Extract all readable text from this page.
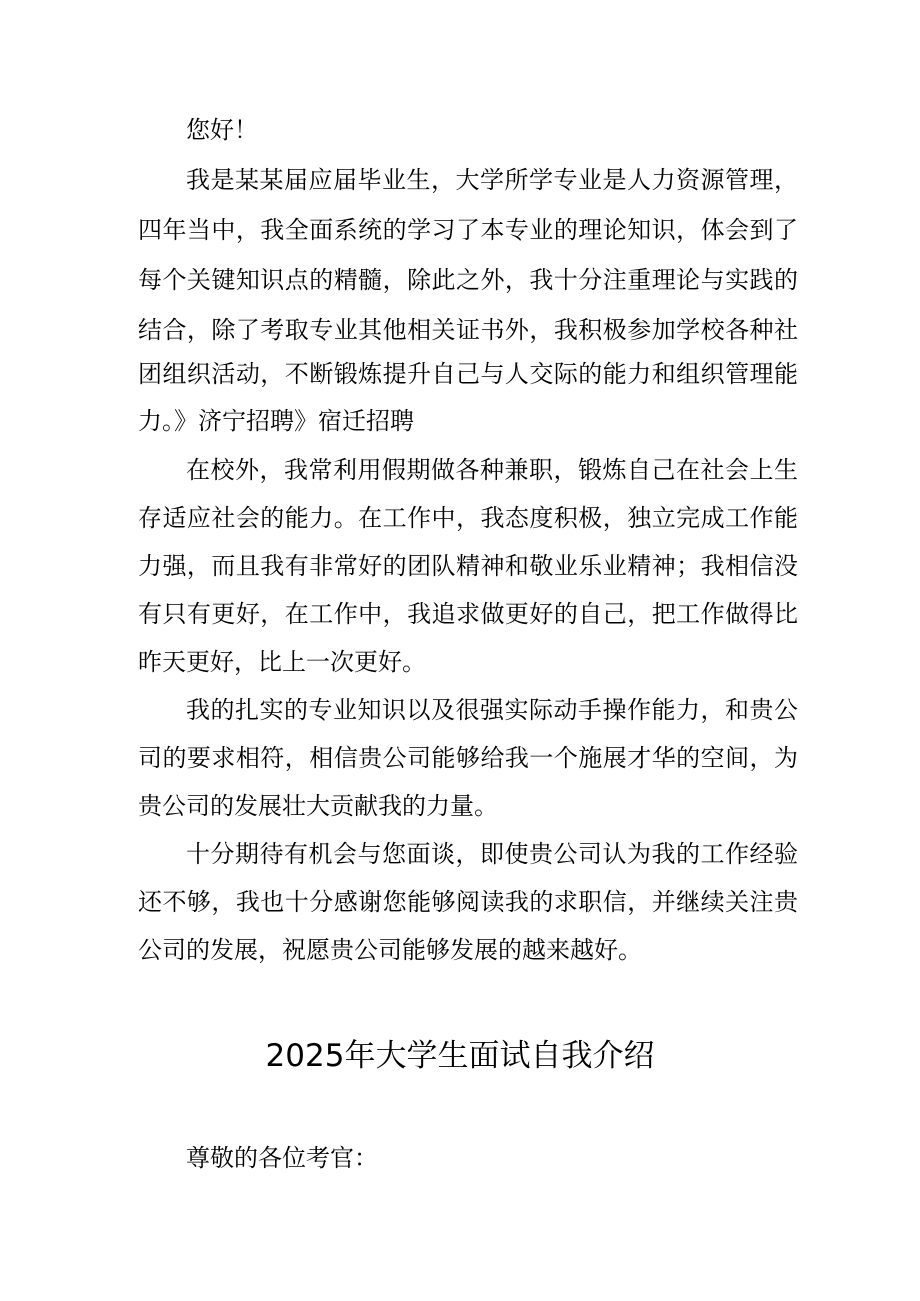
您好！
我是某某届应届毕业生，大学所学专业是人力资源管理，
四年当中，我全面系统的学习了本专业的理论知识，体会到了
每个关键知识点的精髓，除此之外，我十分注重理论与实践的
结合，除了考取专业其他相关证书外，我积极参加学校各种社
团组织活动，不断锻炼提升自己与人交际的能力和组织管理能
力。》济宁招聘》宿迁招聘
在校外，我常利用假期做各种兼职，锻炼自己在社会上生
存适应社会的能力。在工作中，我态度积极，独立完成工作能
力强，而且我有非常好的团队精神和敬业乐业精神；我相信没
有只有更好，在工作中，我追求做更好的自己，把工作做得比
昨天更好，比上一次更好。
我的扎实的专业知识以及很强实际动手操作能力，和贵公
司的要求相符，相信贵公司能够给我一个施展才华的空间，为
贵公司的发展壮大贡献我的力量。
十分期待有机会与您面谈，即使贵公司认为我的工作经验
还不够，我也十分感谢您能够阅读我的求职信，并继续关注贵
公司的发展，祝愿贵公司能够发展的越来越好。
2025年大学生面试自我介绍
尊敬的各位考官：
